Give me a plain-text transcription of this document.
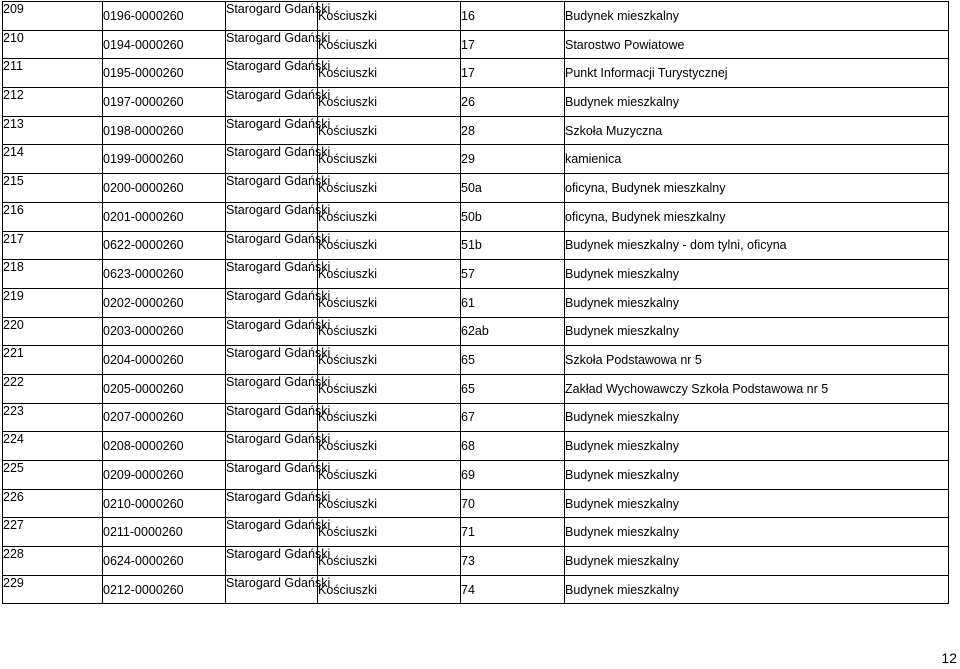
209	0196-0000260	Starogard Gdański	Kościuszki	16	Budynek mieszkalny
210	0194-0000260	Starogard Gdański	Kościuszki	17	Starostwo Powiatowe
211	0195-0000260	Starogard Gdański	Kościuszki	17	Punkt Informacji Turystycznej
212	0197-0000260	Starogard Gdański	Kościuszki	26	Budynek mieszkalny
213	0198-0000260	Starogard Gdański	Kościuszki	28	Szkoła Muzyczna
214	0199-0000260	Starogard Gdański	Kościuszki	29	kamienica
215	0200-0000260	Starogard Gdański	Kościuszki	50a	oficyna, Budynek mieszkalny
216	0201-0000260	Starogard Gdański	Kościuszki	50b	oficyna, Budynek mieszkalny
217	0622-0000260	Starogard Gdański	Kościuszki	51b	Budynek mieszkalny - dom tylni, oficyna
218	0623-0000260	Starogard Gdański	Kościuszki	57	Budynek mieszkalny
219	0202-0000260	Starogard Gdański	Kościuszki	61	Budynek mieszkalny
220	0203-0000260	Starogard Gdański	Kościuszki	62ab	Budynek mieszkalny
221	0204-0000260	Starogard Gdański	Kościuszki	65	Szkoła Podstawowa nr 5
222	0205-0000260	Starogard Gdański	Kościuszki	65	Zakład Wychowawczy Szkoła Podstawowa nr 5
223	0207-0000260	Starogard Gdański	Kościuszki	67	Budynek mieszkalny
224	0208-0000260	Starogard Gdański	Kościuszki	68	Budynek mieszkalny
225	0209-0000260	Starogard Gdański	Kościuszki	69	Budynek mieszkalny
226	0210-0000260	Starogard Gdański	Kościuszki	70	Budynek mieszkalny
227	0211-0000260	Starogard Gdański	Kościuszki	71	Budynek mieszkalny
228	0624-0000260	Starogard Gdański	Kościuszki	73	Budynek mieszkalny
229	0212-0000260	Starogard Gdański	Kościuszki	74	Budynek mieszkalny
12
